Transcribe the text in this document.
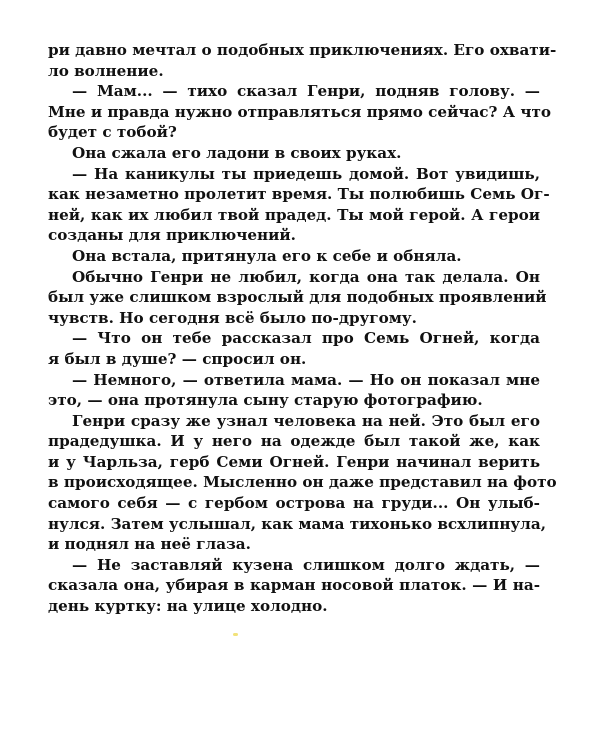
ри давно мечтал о подобных приключениях. Его охвати-
ло волнение.
— Мам... — тихо сказал Генри, подняв голову. —
Мне и правда нужно отправляться прямо сейчас? А что
будет с тобой?
Она сжала его ладони в своих руках.
— На каникулы ты приедешь домой. Вот увидишь,
как незаметно пролетит время. Ты полюбишь Семь Ог-
ней, как их любил твой прадед. Ты мой герой. А герои
созданы для приключений.
Она встала, притянула его к себе и обняла.
Обычно Генри не любил, когда она так делала. Он
был уже слишком взрослый для подобных проявлений
чувств. Но сегодня всё было по-другому.
— Что он тебе рассказал про Семь Огней, когда
я был в душе? — спросил он.
— Немного, — ответила мама. — Но он показал мне
это, — она протянула сыну старую фотографию.
Генри сразу же узнал человека на ней. Это был его
прадедушка. И у него на одежде был такой же, как
и у Чарльза, герб Семи Огней. Генри начинал верить
в происходящее. Мысленно он даже представил на фото
самого себя — с гербом острова на груди... Он улыб-
нулся. Затем услышал, как мама тихонько всхлипнула,
и поднял на неё глаза.
— Не заставляй кузена слишком долго ждать, —
сказала она, убирая в карман носовой платок. — И на-
день куртку: на улице холодно.
